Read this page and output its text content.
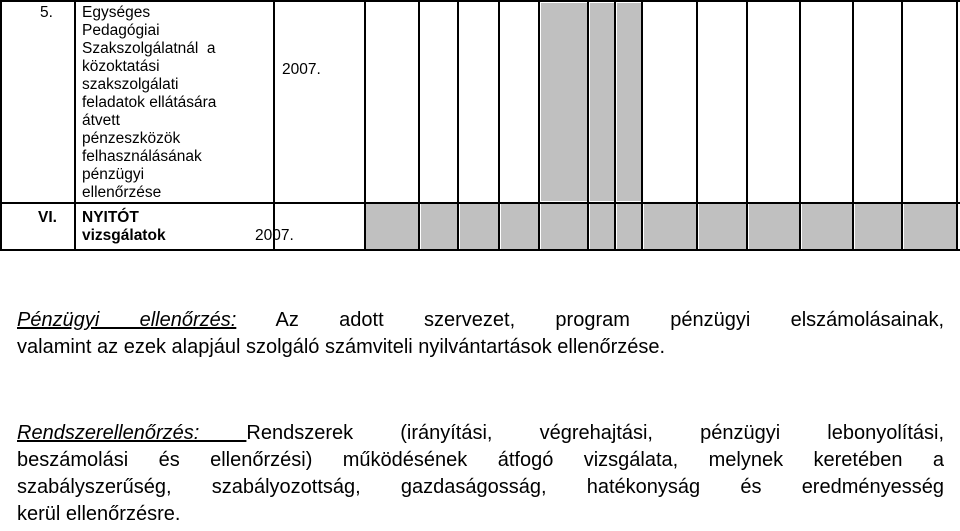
5. Egységes
Pedagógiai
Szakszolgálatnál  a
közoktatási
szakszolgálati
feladatok ellátására
átvett
pénzeszközök
felhasználásának
pénzügyi
ellenőrzése
2007.
VI. NYITÓT
vizsgálatok	2007.
Pénzügyi ellenőrzés: Az adott szervezet, program pénzügyi elszámolásainak,
valamint az ezek alapjául szolgáló számviteli nyilvántartások ellenőrzése.
Rendszerellenőrzés: Rendszerek (irányítási, végrehajtási, pénzügyi lebonyolítási,
beszámolási és ellenőrzési) működésének átfogó vizsgálata, melynek keretében a
szabályszerűség, szabályozottság, gazdaságosság, hatékonyság és eredményesség
kerül ellenőrzésre.
